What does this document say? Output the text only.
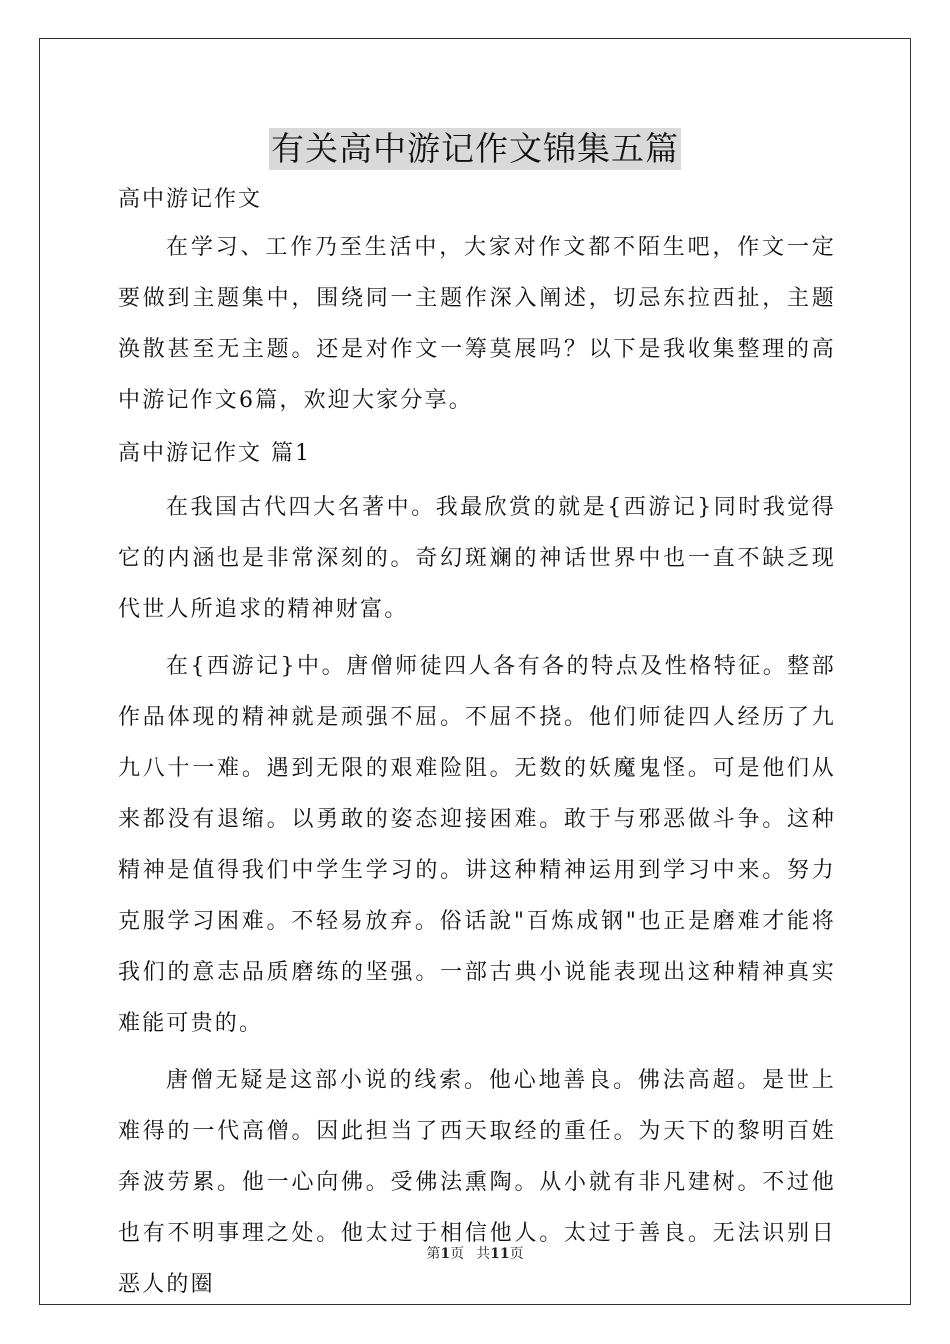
有关高中游记作文锦集五篇

高中游记作文

在学习、工作乃至生活中，大家对作文都不陌生吧，作文一定要做到主题集中，围绕同一主题作深入阐述，切忌东拉西扯，主题涣散甚至无主题。还是对作文一筹莫展吗？以下是我收集整理的高中游记作文6篇，欢迎大家分享。

高中游记作文 篇1

在我国古代四大名著中。我最欣赏的就是{西游记}同时我觉得它的内涵也是非常深刻的。奇幻斑斓的神话世界中也一直不缺乏现代世人所追求的精神财富。

在{西游记}中。唐僧师徒四人各有各的特点及性格特征。整部作品体现的精神就是顽强不屈。不屈不挠。他们师徒四人经历了九九八十一难。遇到无限的艰难险阻。无数的妖魔鬼怪。可是他们从来都没有退缩。以勇敢的姿态迎接困难。敢于与邪恶做斗争。这种精神是值得我们中学生学习的。讲这种精神运用到学习中来。努力克服学习困难。不轻易放弃。俗话說"百炼成钢"也正是磨难才能将我们的意志品质磨练的坚强。一部古典小说能表现出这种精神真实难能可贵的。

唐僧无疑是这部小说的线索。他心地善良。佛法高超。是世上难得的一代高僧。因此担当了西天取经的重任。为天下的黎明百姓奔波劳累。他一心向佛。受佛法熏陶。从小就有非凡建树。不过他也有不明事理之处。他太过于相信他人。太过于善良。无法识别日恶人的圈

第1页 共11页
